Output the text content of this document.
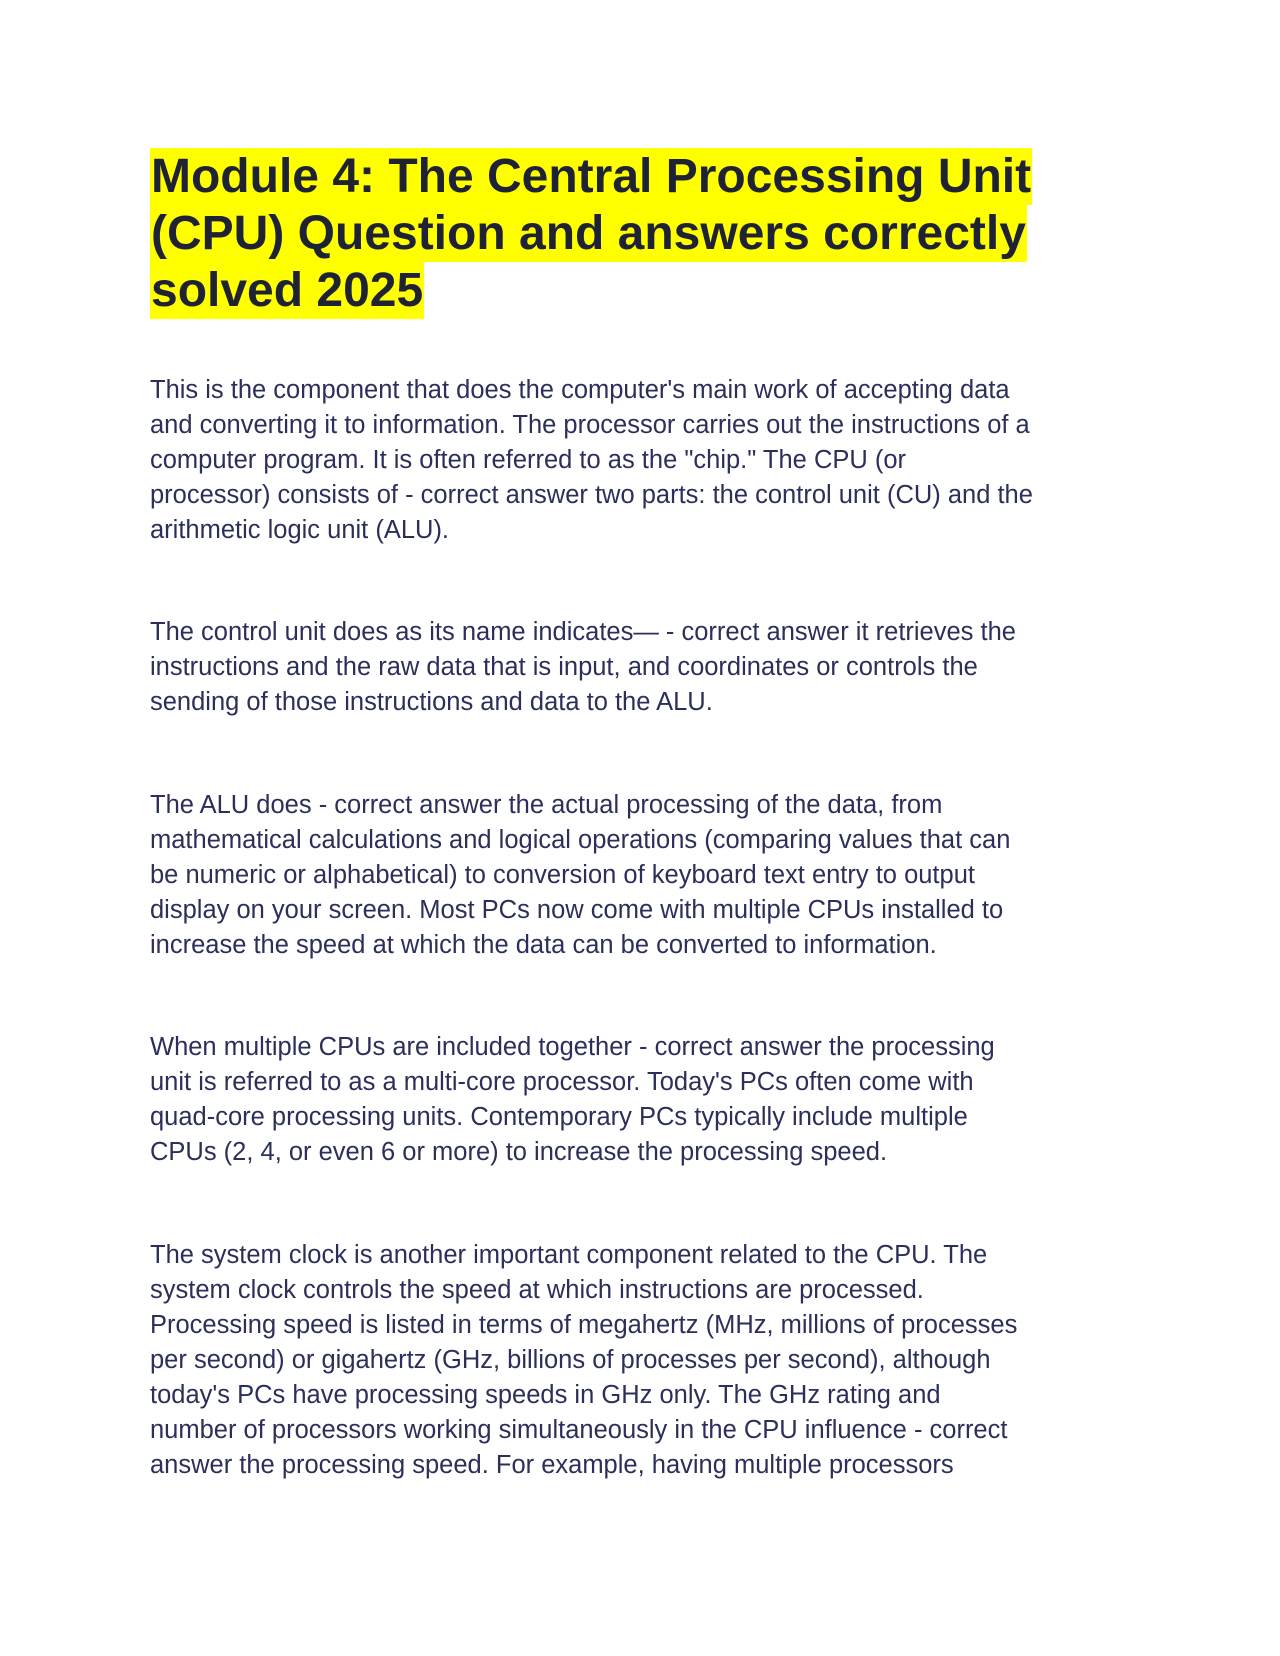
Module 4: The Central Processing Unit
(CPU) Question and answers correctly
solved 2025

This is the component that does the computer's main work of accepting data
and converting it to information. The processor carries out the instructions of a
computer program. It is often referred to as the "chip." The CPU (or
processor) consists of - correct answer two parts: the control unit (CU) and the
arithmetic logic unit (ALU).

The control unit does as its name indicates— - correct answer it retrieves the
instructions and the raw data that is input, and coordinates or controls the
sending of those instructions and data to the ALU.

The ALU does - correct answer the actual processing of the data, from
mathematical calculations and logical operations (comparing values that can
be numeric or alphabetical) to conversion of keyboard text entry to output
display on your screen. Most PCs now come with multiple CPUs installed to
increase the speed at which the data can be converted to information.

When multiple CPUs are included together - correct answer the processing
unit is referred to as a multi-core processor. Today's PCs often come with
quad-core processing units. Contemporary PCs typically include multiple
CPUs (2, 4, or even 6 or more) to increase the processing speed.

The system clock is another important component related to the CPU. The
system clock controls the speed at which instructions are processed.
Processing speed is listed in terms of megahertz (MHz, millions of processes
per second) or gigahertz (GHz, billions of processes per second), although
today's PCs have processing speeds in GHz only. The GHz rating and
number of processors working simultaneously in the CPU influence - correct
answer the processing speed. For example, having multiple processors
